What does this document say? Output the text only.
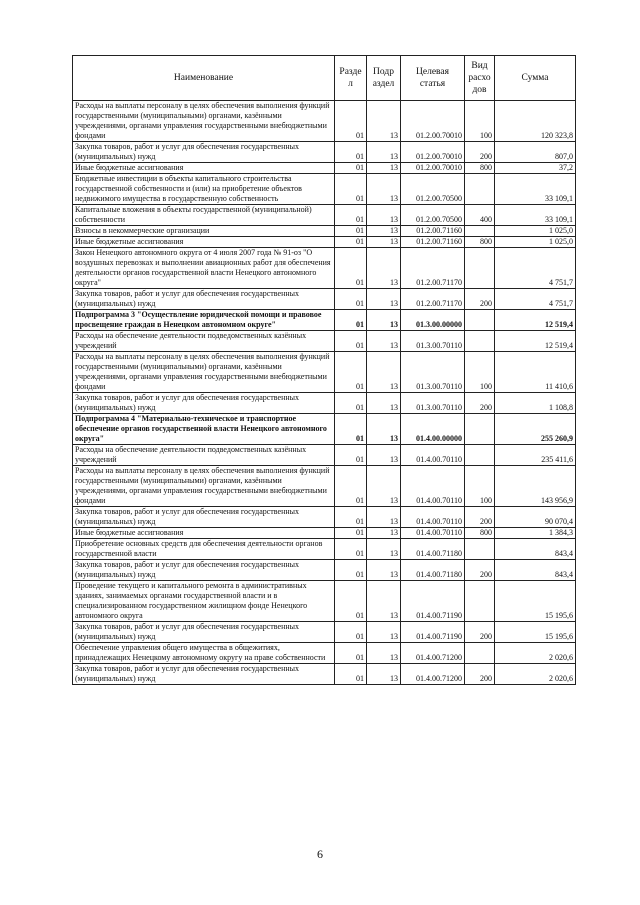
Наименование	Разде л	Подр аздел	Целевая статья	Вид расхо дов	Сумма
Расходы на выплаты персоналу в целях обеспечения выполнения функций государственными (муниципальными) органами, казёнными учреждениями, органами управления государственными внебюджетными фондами	01	13	01.2.00.70010	100	120 323,8
Закупка товаров, работ и услуг для обеспечения государственных (муниципальных) нужд	01	13	01.2.00.70010	200	807,0
Иные бюджетные ассигнования	01	13	01.2.00.70010	800	37,2
Бюджетные инвестиции в объекты капитального строительства государственной собственности и (или) на приобретение объектов недвижимого имущества в государственную собственность	01	13	01.2.00.70500		33 109,1
Капитальные вложения в объекты государственной (муниципальной) собственности	01	13	01.2.00.70500	400	33 109,1
Взносы в некоммерческие организации	01	13	01.2.00.71160		1 025,0
Иные бюджетные ассигнования	01	13	01.2.00.71160	800	1 025,0
Закон Ненецкого автономного округа от 4 июля 2007 года № 91-оз "О воздушных перевозках и выполнении авиационных работ для обеспечения деятельности органов государственной власти Ненецкого автономного округа"	01	13	01.2.00.71170		4 751,7
Закупка товаров, работ и услуг для обеспечения государственных (муниципальных) нужд	01	13	01.2.00.71170	200	4 751,7
Подпрограмма 3 "Осуществление юридической помощи и правовое просвещение граждан в Ненецком автономном округе"	01	13	01.3.00.00000		12 519,4
Расходы на обеспечение деятельности подведомственных казённых учреждений	01	13	01.3.00.70110		12 519,4
Расходы на выплаты персоналу в целях обеспечения выполнения функций государственными (муниципальными) органами, казёнными учреждениями, органами управления государственными внебюджетными фондами	01	13	01.3.00.70110	100	11 410,6
Закупка товаров, работ и услуг для обеспечения государственных (муниципальных) нужд	01	13	01.3.00.70110	200	1 108,8
Подпрограмма 4 "Материально-техническое и транспортное обеспечение органов государственной власти Ненецкого автономного округа"	01	13	01.4.00.00000		255 260,9
Расходы на обеспечение деятельности подведомственных казённых учреждений	01	13	01.4.00.70110		235 411,6
Расходы на выплаты персоналу в целях обеспечения выполнения функций государственными (муниципальными) органами, казёнными учреждениями, органами управления государственными внебюджетными фондами	01	13	01.4.00.70110	100	143 956,9
Закупка товаров, работ и услуг для обеспечения государственных (муниципальных) нужд	01	13	01.4.00.70110	200	90 070,4
Иные бюджетные ассигнования	01	13	01.4.00.70110	800	1 384,3
Приобретение основных средств для обеспечения деятельности органов государственной власти	01	13	01.4.00.71180		843,4
Закупка товаров, работ и услуг для обеспечения государственных (муниципальных) нужд	01	13	01.4.00.71180	200	843,4
Проведение текущего и капитального ремонта в административных зданиях, занимаемых органами государственной власти и в специализированном государственном жилищном фонде Ненецкого автономного округа	01	13	01.4.00.71190		15 195,6
Закупка товаров, работ и услуг для обеспечения государственных (муниципальных) нужд	01	13	01.4.00.71190	200	15 195,6
Обеспечение управления общего имущества в общежитиях, принадлежащих Ненецкому автономному округу на праве собственности	01	13	01.4.00.71200		2 020,6
Закупка товаров, работ и услуг для обеспечения государственных (муниципальных) нужд	01	13	01.4.00.71200	200	2 020,6
6
